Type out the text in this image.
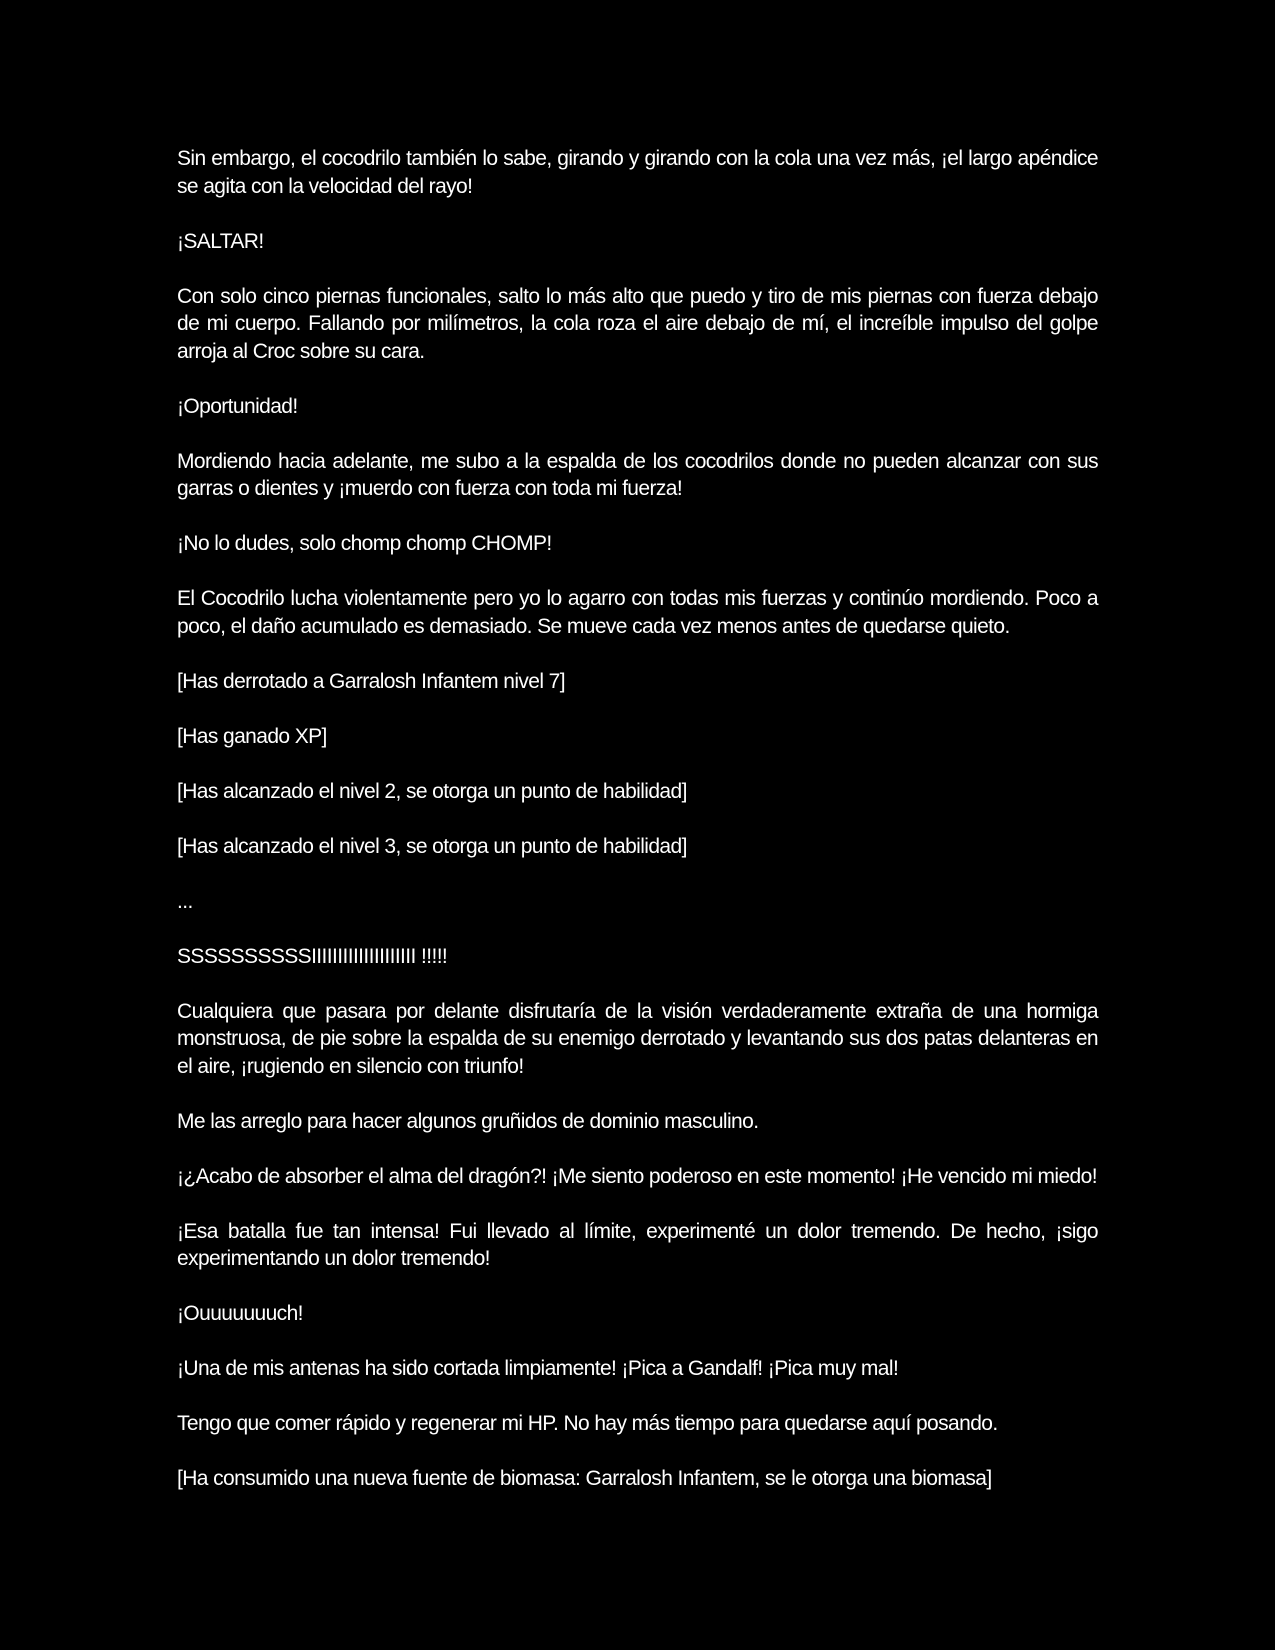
Sin embargo, el cocodrilo también lo sabe, girando y girando con la cola una vez más, ¡el largo apéndice se agita con la velocidad del rayo!

¡SALTAR!

Con solo cinco piernas funcionales, salto lo más alto que puedo y tiro de mis piernas con fuerza debajo de mi cuerpo. Fallando por milímetros, la cola roza el aire debajo de mí, el increíble impulso del golpe arroja al Croc sobre su cara.

¡Oportunidad!

Mordiendo hacia adelante, me subo a la espalda de los cocodrilos donde no pueden alcanzar con sus garras o dientes y ¡muerdo con fuerza con toda mi fuerza!

¡No lo dudes, solo chomp chomp CHOMP!

El Cocodrilo lucha violentamente pero yo lo agarro con todas mis fuerzas y continúo mordiendo. Poco a poco, el daño acumulado es demasiado. Se mueve cada vez menos antes de quedarse quieto.

[Has derrotado a Garralosh Infantem nivel 7]

[Has ganado XP]

[Has alcanzado el nivel 2, se otorga un punto de habilidad]

[Has alcanzado el nivel 3, se otorga un punto de habilidad]

...

SSSSSSSSSSIIIIIIIIIIIIIIIIIIII !!!!!

Cualquiera que pasara por delante disfrutaría de la visión verdaderamente extraña de una hormiga monstruosa, de pie sobre la espalda de su enemigo derrotado y levantando sus dos patas delanteras en el aire, ¡rugiendo en silencio con triunfo!

Me las arreglo para hacer algunos gruñidos de dominio masculino.

¡¿Acabo de absorber el alma del dragón?! ¡Me siento poderoso en este momento! ¡He vencido mi miedo!

¡Esa batalla fue tan intensa! Fui llevado al límite, experimenté un dolor tremendo. De hecho, ¡sigo experimentando un dolor tremendo!

¡Ouuuuuuuch!

¡Una de mis antenas ha sido cortada limpiamente! ¡Pica a Gandalf! ¡Pica muy mal!

Tengo que comer rápido y regenerar mi HP. No hay más tiempo para quedarse aquí posando.

[Ha consumido una nueva fuente de biomasa: Garralosh Infantem, se le otorga una biomasa]
